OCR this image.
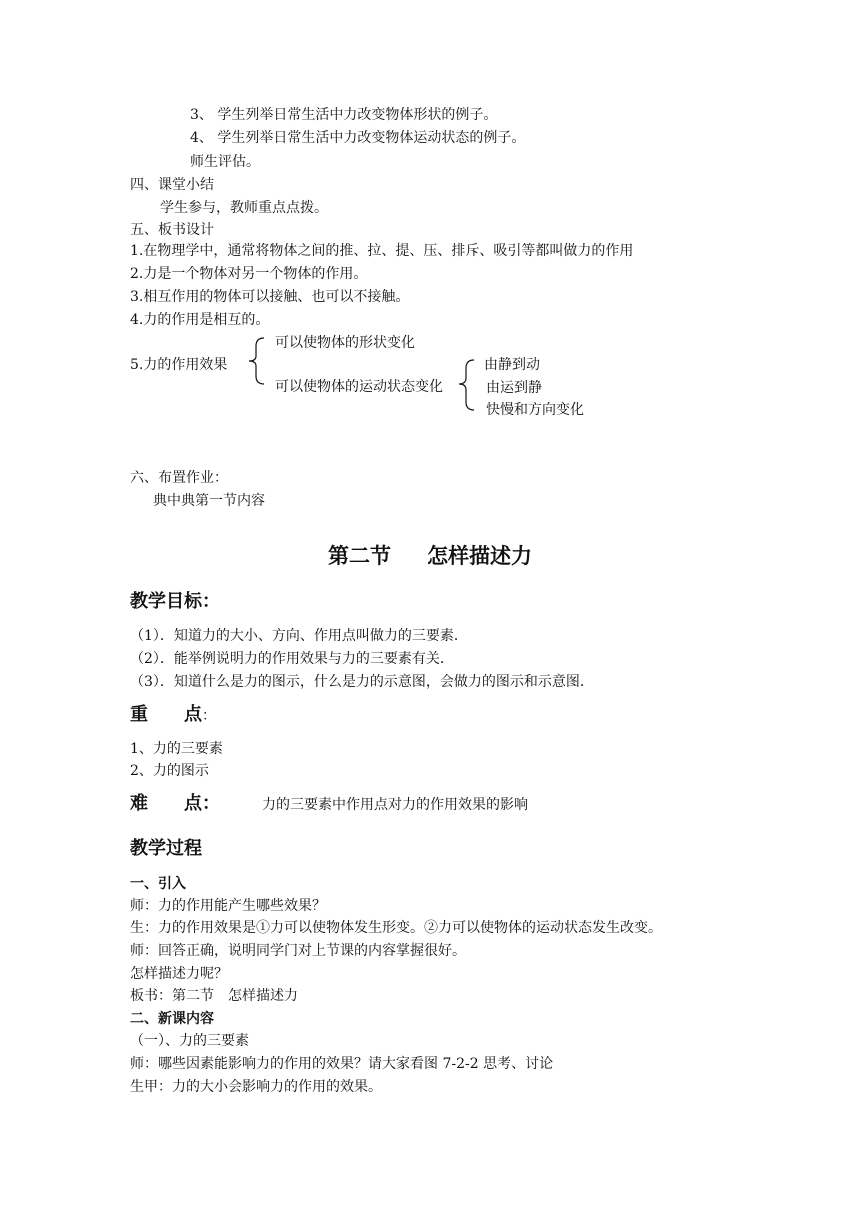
3、 学生列举日常生活中力改变物体形状的例子。
4、 学生列举日常生活中力改变物体运动状态的例子。
师生评估。
四、课堂小结
学生参与，教师重点点拨。
五、板书设计
1.在物理学中，通常将物体之间的推、拉、提、压、排斥、吸引等都叫做力的作用
2.力是一个物体对另一个物体的作用。
3.相互作用的物体可以接触、也可以不接触。
4.力的作用是相互的。
5.力的作用效果
可以使物体的形状变化
可以使物体的运动状态变化
由静到动
由运到静
快慢和方向变化
六、布置作业：
典中典第一节内容
第二节 怎样描述力
教学目标：
（1）．知道力的大小、方向、作用点叫做力的三要素．
（2）．能举例说明力的作用效果与力的三要素有关．
（3）．知道什么是力的图示，什么是力的示意图，会做力的图示和示意图．
重　　点：
1、力的三要素
2、力的图示
难　　点：	力的三要素中作用点对力的作用效果的影响
教学过程
一、引入
师：力的作用能产生哪些效果？
生：力的作用效果是①力可以使物体发生形变。②力可以使物体的运动状态发生改变。
师：回答正确，说明同学门对上节课的内容掌握很好。
怎样描述力呢？
板书：第二节　怎样描述力
二、新课内容
（一）、力的三要素
师：哪些因素能影响力的作用的效果？请大家看图 7-2-2 思考、讨论
生甲：力的大小会影响力的作用的效果。
